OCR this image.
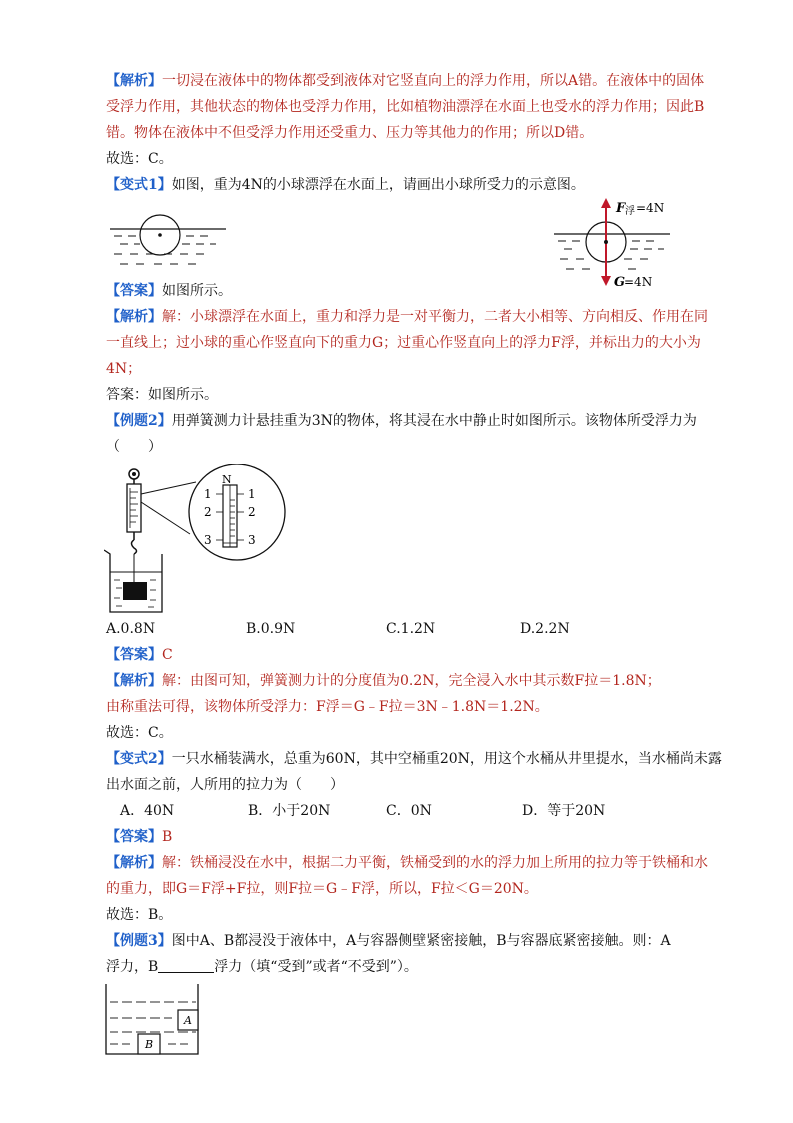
【解析】一切浸在液体中的物体都受到液体对它竖直向上的浮力作用，所以A错。在液体中的固体
受浮力作用，其他状态的物体也受浮力作用，比如植物油漂浮在水面上也受水的浮力作用；因此B
错。物体在液体中不但受浮力作用还受重力、压力等其他力的作用；所以D错。
故选：C。
【变式1】如图，重为4N的小球漂浮在水面上，请画出小球所受力的示意图。
F 浮 =4N
G
=4N
【答案】如图所示。
【解析】解：小球漂浮在水面上，重力和浮力是一对平衡力，二者大小相等、方向相反、作用在同
一直线上；过小球的重心作竖直向下的重力G；过重心作竖直向上的浮力F浮，并标出力的大小为
4N；
答案：如图所示。
【例题2】用弹簧测力计悬挂重为3N的物体，将其浸在水中静止时如图所示。该物体所受浮力为
（　　）
N
1	1
2	2
3	3
A.0.8N	B.0.9N	C.1.2N	D.2.2N
【答案】C
【解析】解：由图可知，弹簧测力计的分度值为0.2N，完全浸入水中其示数F拉＝1.8N；
由称重法可得，该物体所受浮力：F浮＝G﹣F拉＝3N﹣1.8N＝1.2N。
故选：C。
【变式2】一只水桶装满水，总重为60N，其中空桶重20N，用这个水桶从井里提水，当水桶尚未露
出水面之前，人所用的拉力为（　　）
A．40N	B．小于20N	C．0N	D．等于20N
【答案】B
【解析】解：铁桶浸没在水中，根据二力平衡，铁桶受到的水的浮力加上所用的拉力等于铁桶和水
的重力，即G＝F浮+F拉，则F拉＝G﹣F浮，所以，F拉＜G＝20N。
故选：B。
【例题3】图中A、B都浸没于液体中，A与容器侧壁紧密接触，B与容器底紧密接触。则：A
浮力，B	浮力（填“受到”或者“不受到”）。
A
B
